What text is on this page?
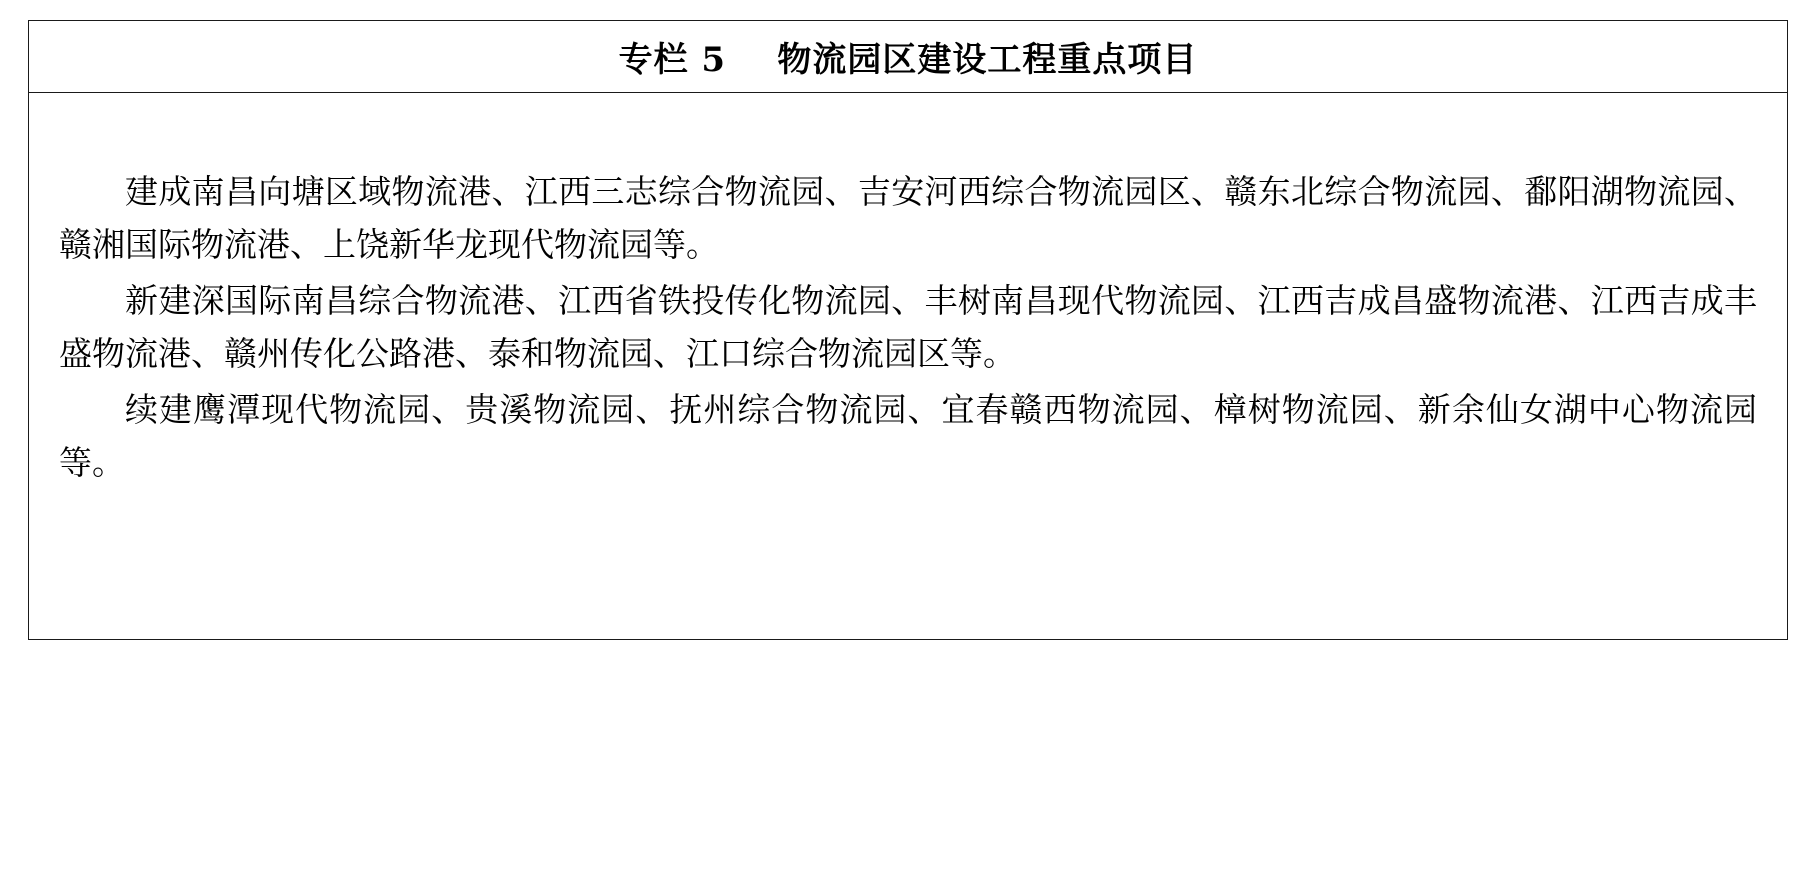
专栏 5    物流园区建设工程重点项目

建成南昌向塘区域物流港、江西三志综合物流园、吉安河西综合物流园区、赣东北综合物流园、鄱阳湖物流园、赣湘国际物流港、上饶新华龙现代物流园等。

新建深国际南昌综合物流港、江西省铁投传化物流园、丰树南昌现代物流园、江西吉成昌盛物流港、江西吉成丰盛物流港、赣州传化公路港、泰和物流园、江口综合物流园区等。

续建鹰潭现代物流园、贵溪物流园、抚州综合物流园、宜春赣西物流园、樟树物流园、新余仙女湖中心物流园等。
